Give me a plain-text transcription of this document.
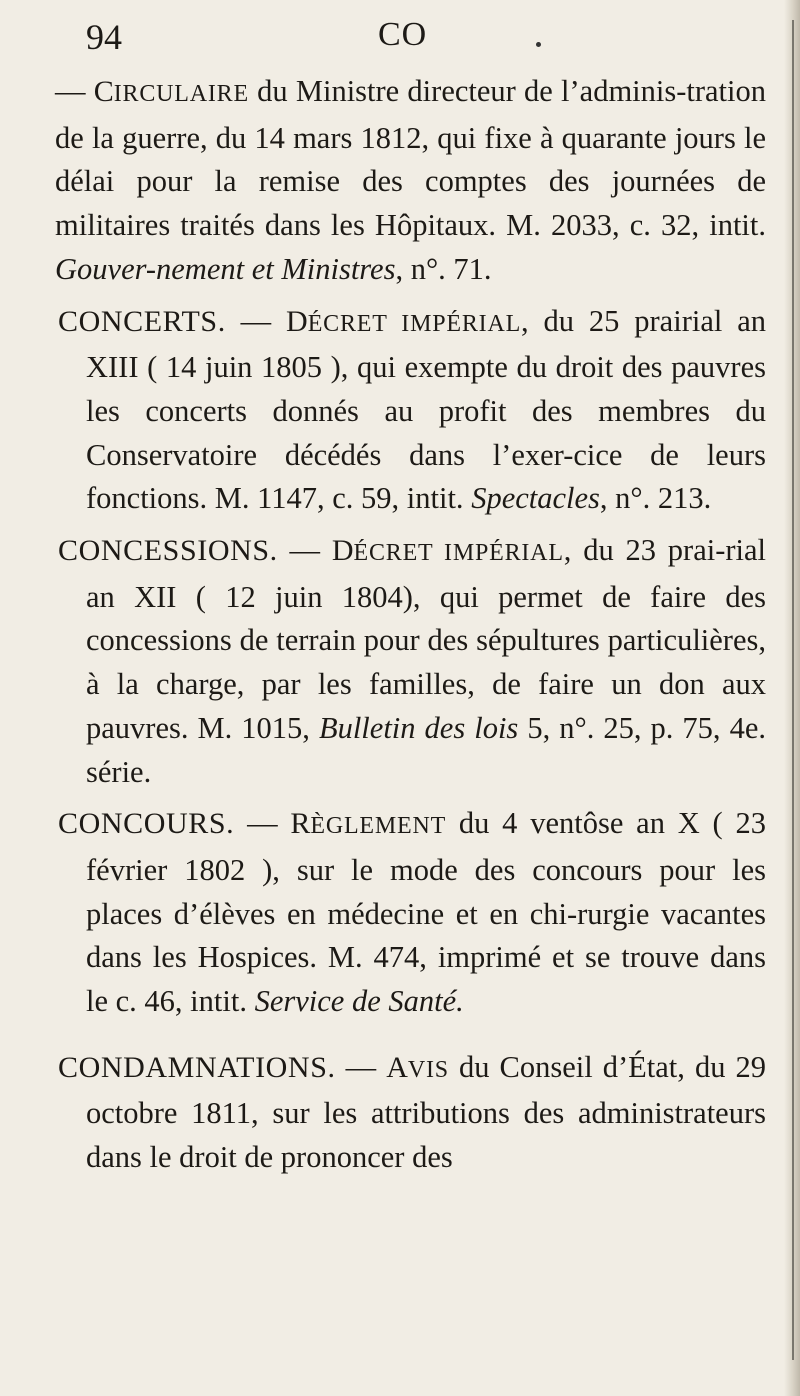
94	CO

— CIRCULAIRE du Ministre directeur de l’adminis-tration de la guerre, du 14 mars 1812, qui fixe à quarante jours le délai pour la remise des comptes des journées de militaires traités dans les Hôpitaux. M. 2033, c. 32, intit. Gouver-nement et Ministres, n°. 71.

CONCERTS. — DÉCRET IMPÉRIAL, du 25 prairial an XIII ( 14 juin 1805 ), qui exempte du droit des pauvres les concerts donnés au profit des membres du Conservatoire décédés dans l’exer-cice de leurs fonctions. M. 1147, c. 59, intit. Spectacles, n°. 213.

CONCESSIONS. — DÉCRET IMPÉRIAL, du 23 prai-rial an XII ( 12 juin 1804), qui permet de faire des concessions de terrain pour des sépultures particulières, à la charge, par les familles, de faire un don aux pauvres. M. 1015, Bulletin des lois 5, n°. 25, p. 75, 4e. série.

CONCOURS. — RÈGLEMENT du 4 ventôse an X ( 23 février 1802 ), sur le mode des concours pour les places d’élèves en médecine et en chi-rurgie vacantes dans les Hospices. M. 474, imprimé et se trouve dans le c. 46, intit. Service de Santé.

CONDAMNATIONS. — AVIS du Conseil d’État, du 29 octobre 1811, sur les attributions des administrateurs dans le droit de prononcer des
